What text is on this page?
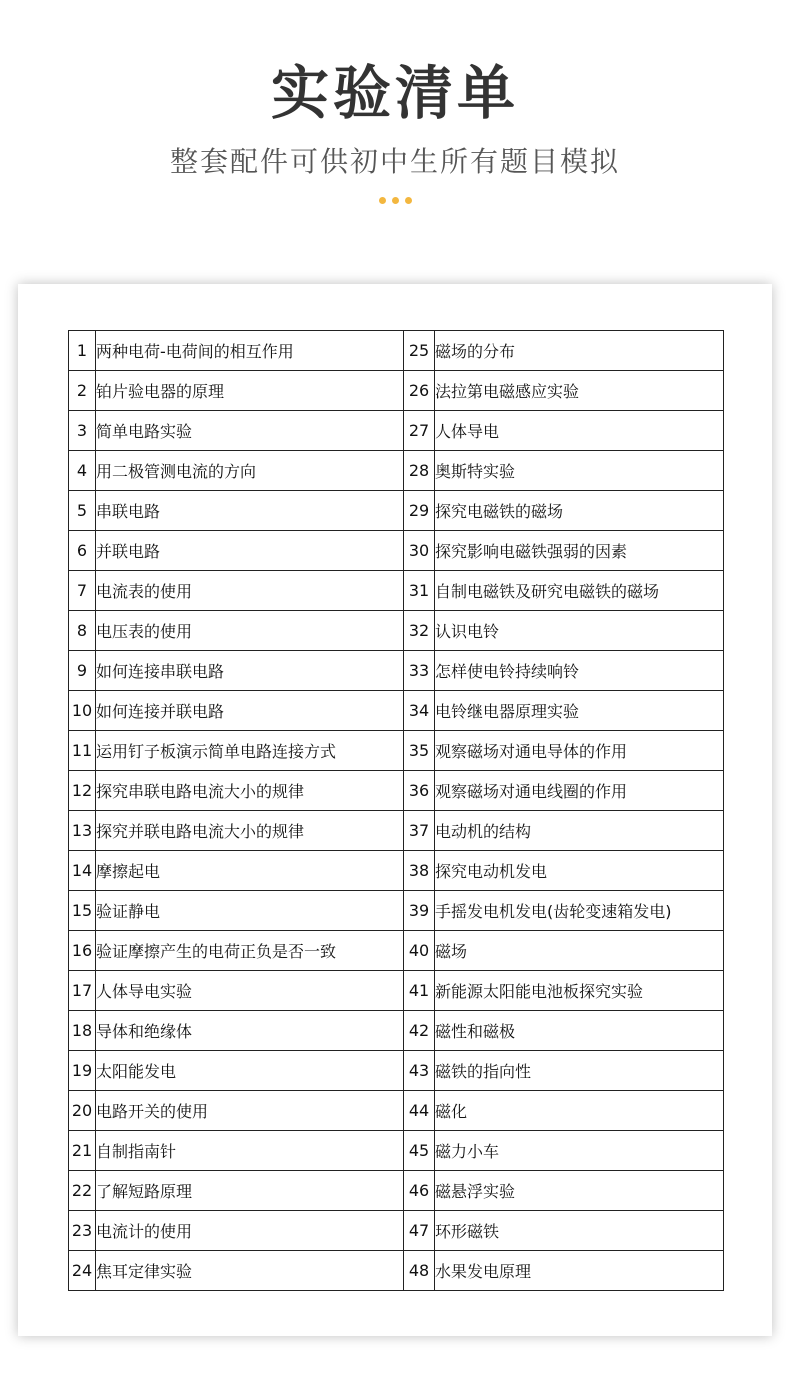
实验清单
整套配件可供初中生所有题目模拟
1	两种电荷-电荷间的相互作用	25	磁场的分布
2	铂片验电器的原理	26	法拉第电磁感应实验
3	简单电路实验	27	人体导电
4	用二极管测电流的方向	28	奥斯特实验
5	串联电路	29	探究电磁铁的磁场
6	并联电路	30	探究影响电磁铁强弱的因素
7	电流表的使用	31	自制电磁铁及研究电磁铁的磁场
8	电压表的使用	32	认识电铃
9	如何连接串联电路	33	怎样使电铃持续响铃
10	如何连接并联电路	34	电铃继电器原理实验
11	运用钉子板演示简单电路连接方式	35	观察磁场对通电导体的作用
12	探究串联电路电流大小的规律	36	观察磁场对通电线圈的作用
13	探究并联电路电流大小的规律	37	电动机的结构
14	摩擦起电	38	探究电动机发电
15	验证静电	39	手摇发电机发电(齿轮变速箱发电)
16	验证摩擦产生的电荷正负是否一致	40	磁场
17	人体导电实验	41	新能源太阳能电池板探究实验
18	导体和绝缘体	42	磁性和磁极
19	太阳能发电	43	磁铁的指向性
20	电路开关的使用	44	磁化
21	自制指南针	45	磁力小车
22	了解短路原理	46	磁悬浮实验
23	电流计的使用	47	环形磁铁
24	焦耳定律实验	48	水果发电原理
